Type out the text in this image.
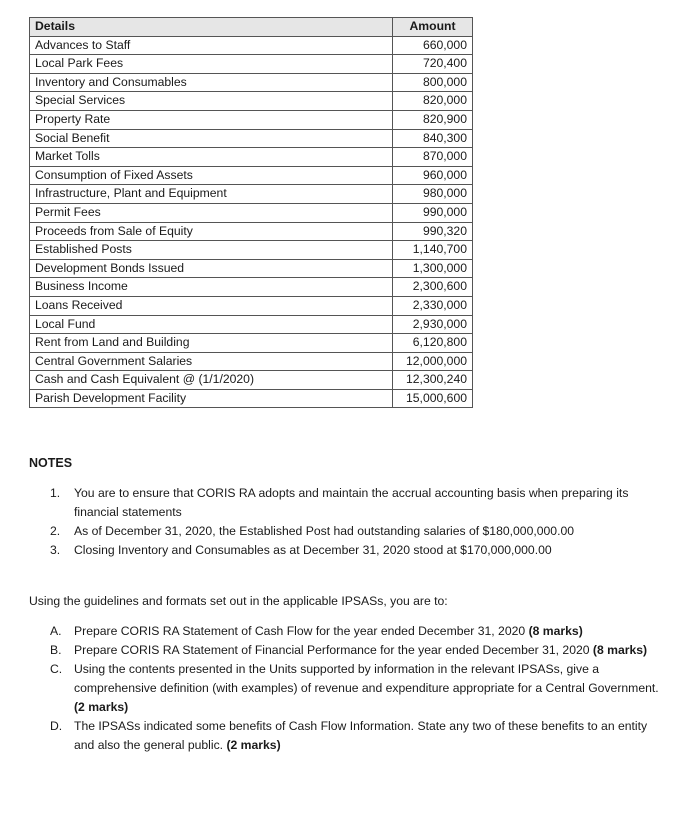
Details	Amount
Advances to Staff	660,000
Local Park Fees	720,400
Inventory and Consumables	800,000
Special Services	820,000
Property Rate	820,900
Social Benefit	840,300
Market Tolls	870,000
Consumption of Fixed Assets	960,000
Infrastructure, Plant and Equipment	980,000
Permit Fees	990,000
Proceeds from Sale of Equity	990,320
Established Posts	1,140,700
Development Bonds Issued	1,300,000
Business Income	2,300,600
Loans Received	2,330,000
Local Fund	2,930,000
Rent from Land and Building	6,120,800
Central Government Salaries	12,000,000
Cash and Cash Equivalent @ (1/1/2020)	12,300,240
Parish Development Facility	15,000,600

NOTES

1.	You are to ensure that CORIS RA adopts and maintain the accrual accounting basis when preparing its financial statements
2.	As of December 31, 2020, the Established Post had outstanding salaries of $180,000,000.00
3.	Closing Inventory and Consumables as at December 31, 2020 stood at $170,000,000.00

Using the guidelines and formats set out in the applicable IPSASs, you are to:

A.	Prepare CORIS RA Statement of Cash Flow for the year ended December 31, 2020 (8 marks)
B.	Prepare CORIS RA Statement of Financial Performance for the year ended December 31, 2020 (8 marks)
C. Using the contents presented in the Units supported by information in the relevant IPSASs, give a comprehensive definition (with examples) of revenue and expenditure appropriate for a Central Government. (2 marks)
D. The IPSASs indicated some benefits of Cash Flow Information. State any two of these benefits to an entity and also the general public. (2 marks)
